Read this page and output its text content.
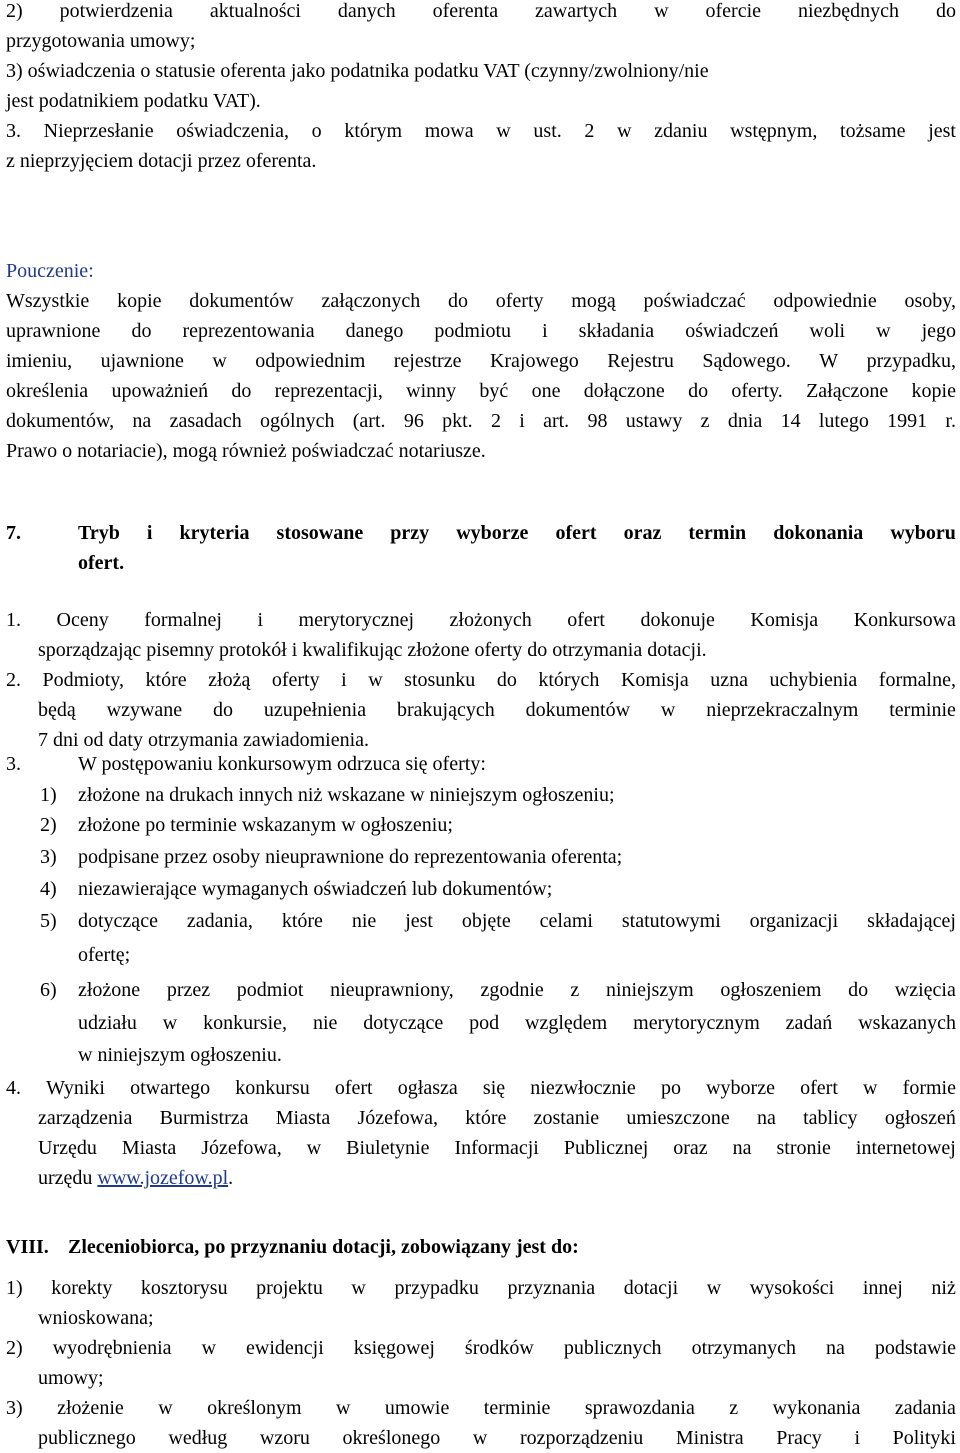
2) potwierdzenia aktualności danych oferenta zawartych w ofercie niezbędnych do
przygotowania umowy;
3) oświadczenia o statusie oferenta jako podatnika podatku VAT (czynny/zwolniony/nie
jest podatnikiem podatku VAT).
3. Nieprzesłanie oświadczenia, o którym mowa w ust. 2 w zdaniu wstępnym, tożsame jest
z nieprzyjęciem dotacji przez oferenta.
Pouczenie:
Wszystkie kopie dokumentów załączonych do oferty mogą poświadczać odpowiednie osoby,
uprawnione do reprezentowania danego podmiotu i składania oświadczeń woli w jego
imieniu, ujawnione w odpowiednim rejestrze Krajowego Rejestru Sądowego. W przypadku,
określenia upoważnień do reprezentacji, winny być one dołączone do oferty. Załączone kopie
dokumentów, na zasadach ogólnych (art. 96 pkt. 2 i art. 98 ustawy z dnia 14 lutego 1991 r.
Prawo o notariacie), mogą również poświadczać notariusze.
7.	Tryb i kryteria stosowane przy wyborze ofert oraz termin dokonania wyboru
ofert.
1. Oceny formalnej i merytorycznej złożonych ofert dokonuje Komisja Konkursowa
sporządzając pisemny protokół i kwalifikując złożone oferty do otrzymania dotacji.
2. Podmioty, które złożą oferty i w stosunku do których Komisja uzna uchybienia formalne,
będą wzywane do uzupełnienia brakujących dokumentów w nieprzekraczalnym terminie
7 dni od daty otrzymania zawiadomienia.
3.	W postępowaniu konkursowym odrzuca się oferty:
1) złożone na drukach innych niż wskazane w niniejszym ogłoszeniu;
2) złożone po terminie wskazanym w ogłoszeniu;
3) podpisane przez osoby nieuprawnione do reprezentowania oferenta;
4) niezawierające wymaganych oświadczeń lub dokumentów;
5) dotyczące zadania, które nie jest objęte celami statutowymi organizacji składającej
ofertę;
6) złożone przez podmiot nieuprawniony, zgodnie z niniejszym ogłoszeniem do wzięcia
udziału w konkursie, nie dotyczące pod względem merytorycznym zadań wskazanych
w niniejszym ogłoszeniu.
4. Wyniki otwartego konkursu ofert ogłasza się niezwłocznie po wyborze ofert w formie
zarządzenia Burmistrza Miasta Józefowa, które zostanie umieszczone na tablicy ogłoszeń
Urzędu Miasta Józefowa, w Biuletynie Informacji Publicznej oraz na stronie internetowej
urzędu www.jozefow.pl.
VIII. Zleceniobiorca, po przyznaniu dotacji, zobowiązany jest do:
1) korekty kosztorysu projektu w przypadku przyznania dotacji w wysokości innej niż
wnioskowana;
2) wyodrębnienia w ewidencji księgowej środków publicznych otrzymanych na podstawie
umowy;
3) złożenie w określonym w umowie terminie sprawozdania z wykonania zadania
publicznego według wzoru określonego w rozporządzeniu Ministra Pracy i Polityki
